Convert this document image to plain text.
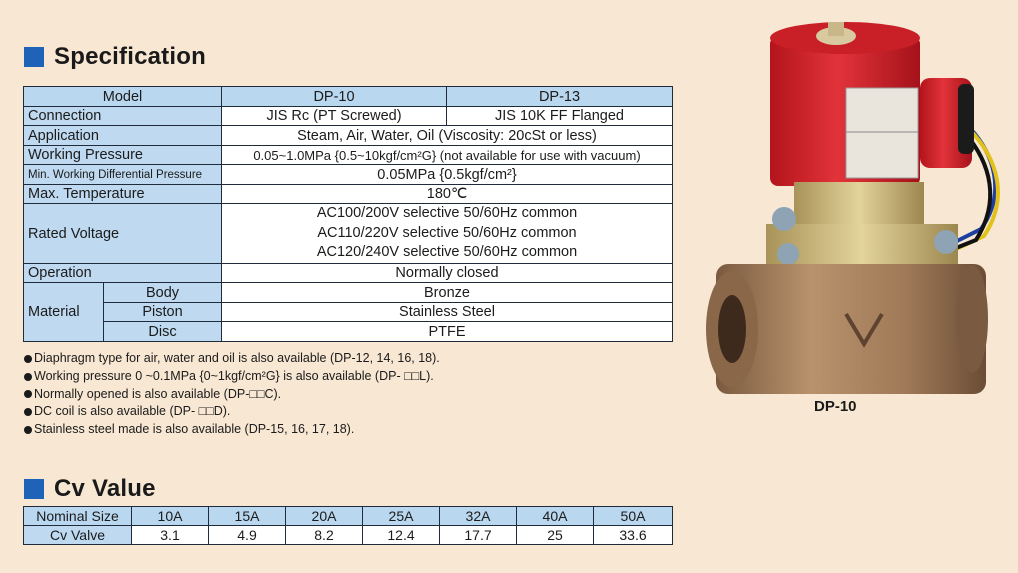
Specification
Model		DP-10	DP-13
Connection		JIS Rc (PT Screwed)	JIS 10K FF Flanged
Application		Steam, Air, Water, Oil (Viscosity: 20cSt or less)	
Working Pressure		0.05~1.0MPa {0.5~10kgf/cm²G} (not available for use with vacuum)	
Min. Working Differential Pressure		0.05MPa {0.5kgf/cm²}	
Max. Temperature		180℃	
Rated Voltage		AC100/200V selective 50/60Hz common
AC110/220V selective 50/60Hz common
AC120/240V selective 50/60Hz common	

Operation		Normally closed	
Material	Body	Bronze	
	Piston	Stainless Steel	
	Disc	PTFE	
Diaphragm type for air, water and oil is also available (DP-12, 14, 16, 18).
Working pressure 0 ~0.1MPa {0~1kgf/cm²G} is also available (DP- □□L).
Normally opened is also available (DP-□□C).
DC coil is also available (DP- □□D).
Stainless steel made is also available (DP-15, 16, 17, 18).
Cv Value
Nominal Size	10A	15A	20A	25A	32A	40A	50A
Cv Valve	3.1	4.9	8.2	12.4	17.7	25	33.6
DP-10
